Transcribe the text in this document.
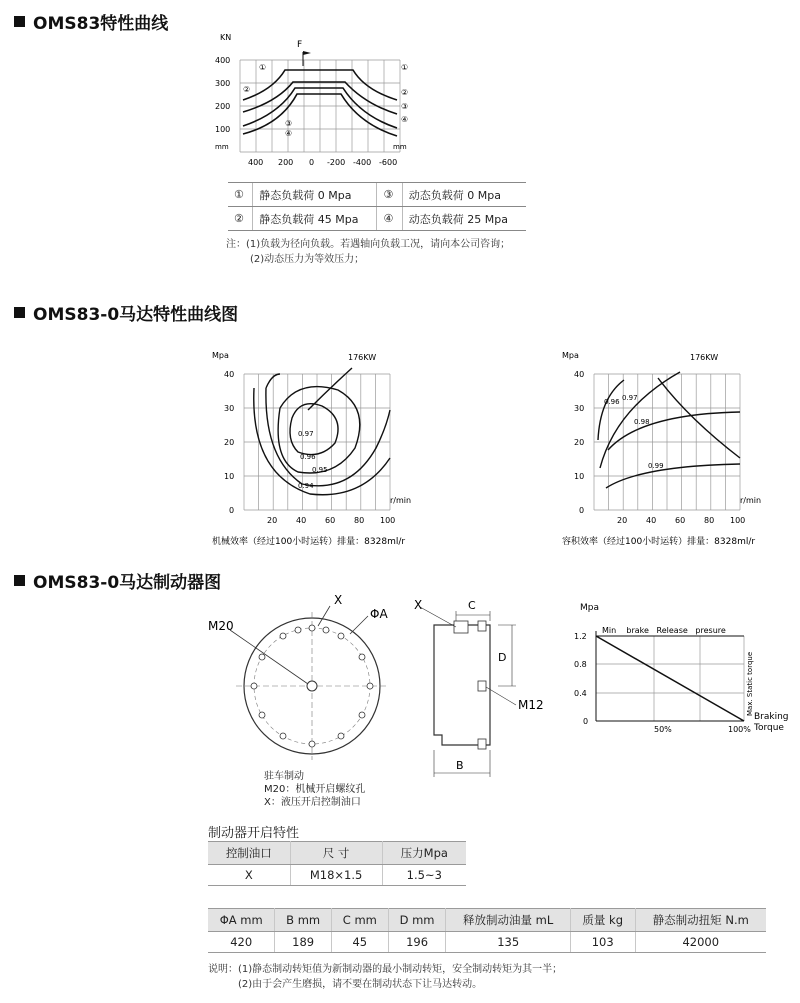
OMS83特性曲线
F
KN
400
300
200
100
mm	mm
400 200 0 -200 -400 -600
①
②
③
④
①
②
③
④
①	静态负载荷 0 Mpa	③	动态负载荷 0 Mpa
②	静态负载荷 45 Mpa	④	动态负载荷 25 Mpa
注：(1)负载为径向负载。若遇轴向负载工况，请向本公司咨询；
(2)动态压力为等效压力；
OMS83-0马达特性曲线图
Mpa
40
30
20
10
0
r/min
20 40 60 80 100
176KW
0.97
0.96
0.95
0.94
机械效率（经过100小时运转）排量：8328ml/r
Mpa
40
30
20
10
0
r/min
20 40 60 80 100
176KW
0.96 0.97
0.98
0.99
容积效率（经过100小时运转）排量：8328ml/r
OMS83-0马达制动器图
M20
X
ΦA
驻车制动
M20：机械开启螺纹孔
X：液压开启控制油口
X	C
D
M12
B
Mpa
1.2
0.8
0.4
0
Min    brake   Release   presure
50%	100%
Braking
Torque
Max. Static torque
制动器开启特性
控制油口	尺 寸	压力Mpa
X	M18×1.5	1.5~3
ΦA mm	B mm	C mm	D mm	释放制动油量 mL	质量 kg	静态制动扭矩 N.m
420	189	45	196	135	103	42000
说明：(1)静态制动转矩值为新制动器的最小制动转矩，安全制动转矩为其一半；
(2)由于会产生磨损，请不要在制动状态下让马达转动。
